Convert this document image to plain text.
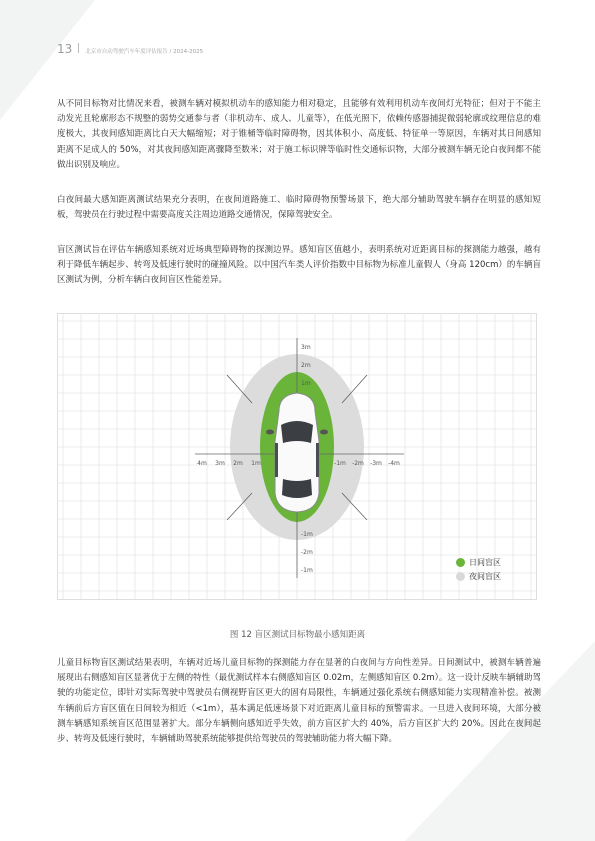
13 北京市自动驾驶汽车年度评估报告 / 2024-2025

从不同目标物对比情况来看，被测车辆对模拟机动车的感知能力相对稳定，且能够有效利用机动车夜间灯光特征；但对于不能主动发光且轮廓形态不规整的弱势交通参与者（非机动车、成人、儿童等），在低光照下，依赖传感器捕捉微弱轮廓或纹理信息的难度极大，其夜间感知距离比白天大幅缩短；对于锥桶等临时障碍物，因其体积小、高度低、特征单一等原因，车辆对其日间感知距离不足成人的 50%，对其夜间感知距离骤降至数米；对于施工标识牌等临时性交通标识物，大部分被测车辆无论白夜间都不能做出识别及响应。

白夜间最大感知距离测试结果充分表明，在夜间道路施工、临时障碍物预警场景下，绝大部分辅助驾驶车辆存在明显的感知短板，驾驶员在行驶过程中需要高度关注周边道路交通情况，保障驾驶安全。

盲区测试旨在评估车辆感知系统对近场典型障碍物的探测边界。感知盲区值越小，表明系统对近距离目标的探测能力越强，越有利于降低车辆起步、转弯及低速行驶时的碰撞风险。以中国汽车类人评价指数中目标物为标准儿童假人（身高 120cm）的车辆盲区测试为例，分析车辆白夜间盲区性能差异。

4m 3m 2m 1m	-1m -2m -3m -4m
3m
2m
1m
-1m
-2m
-1m
日间盲区
夜间盲区
图 12 盲区测试目标物最小感知距离

儿童目标物盲区测试结果表明，车辆对近场儿童目标物的探测能力存在显著的白夜间与方向性差异。日间测试中，被测车辆普遍展现出右侧感知盲区显著优于左侧的特性（最优测试样本右侧感知盲区 0.02m，左侧感知盲区 0.2m）。这一设计反映车辆辅助驾驶的功能定位，即针对实际驾驶中驾驶员右侧视野盲区更大的固有局限性，车辆通过强化系统右侧感知能力实现精准补偿。被测车辆前后方盲区值在日间较为相近（<1m），基本满足低速场景下对近距离儿童目标的预警需求。一旦进入夜间环境，大部分被测车辆感知系统盲区范围显著扩大。部分车辆侧向感知近乎失效，前方盲区扩大约 40%，后方盲区扩大约 20%。因此在夜间起步、转弯及低速行驶时，车辆辅助驾驶系统能够提供给驾驶员的驾驶辅助能力将大幅下降。
